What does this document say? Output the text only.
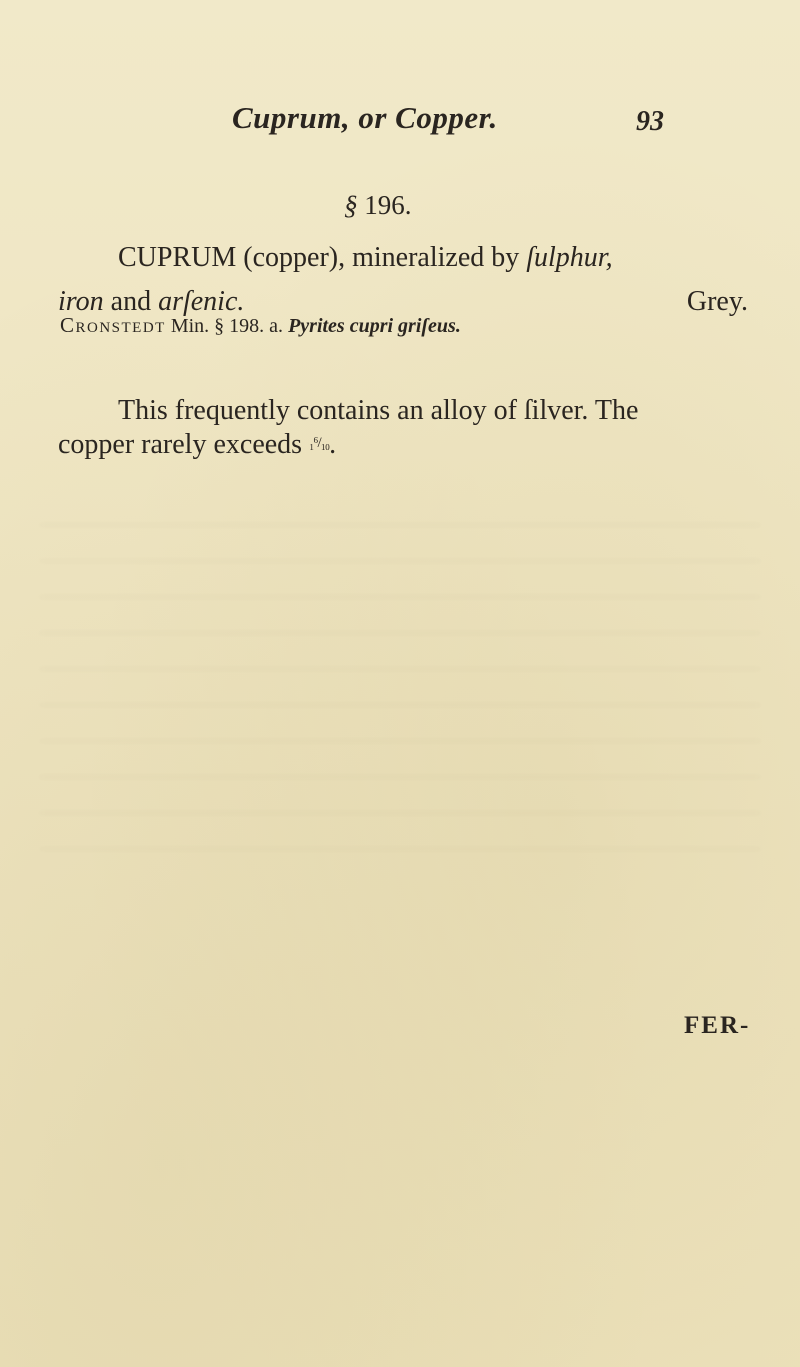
Cuprum, or Copper.	93
§ 196.
CUPRUM (copper), mineralized by ſulphur,
iron and arſenic.	Grey.
Cronstedt Min. § 198. a. Pyrites cupri griſeus.
This frequently contains an alloy of ſilver. The
copper rarely exceeds ₁⁶/₁₀.
FER-
